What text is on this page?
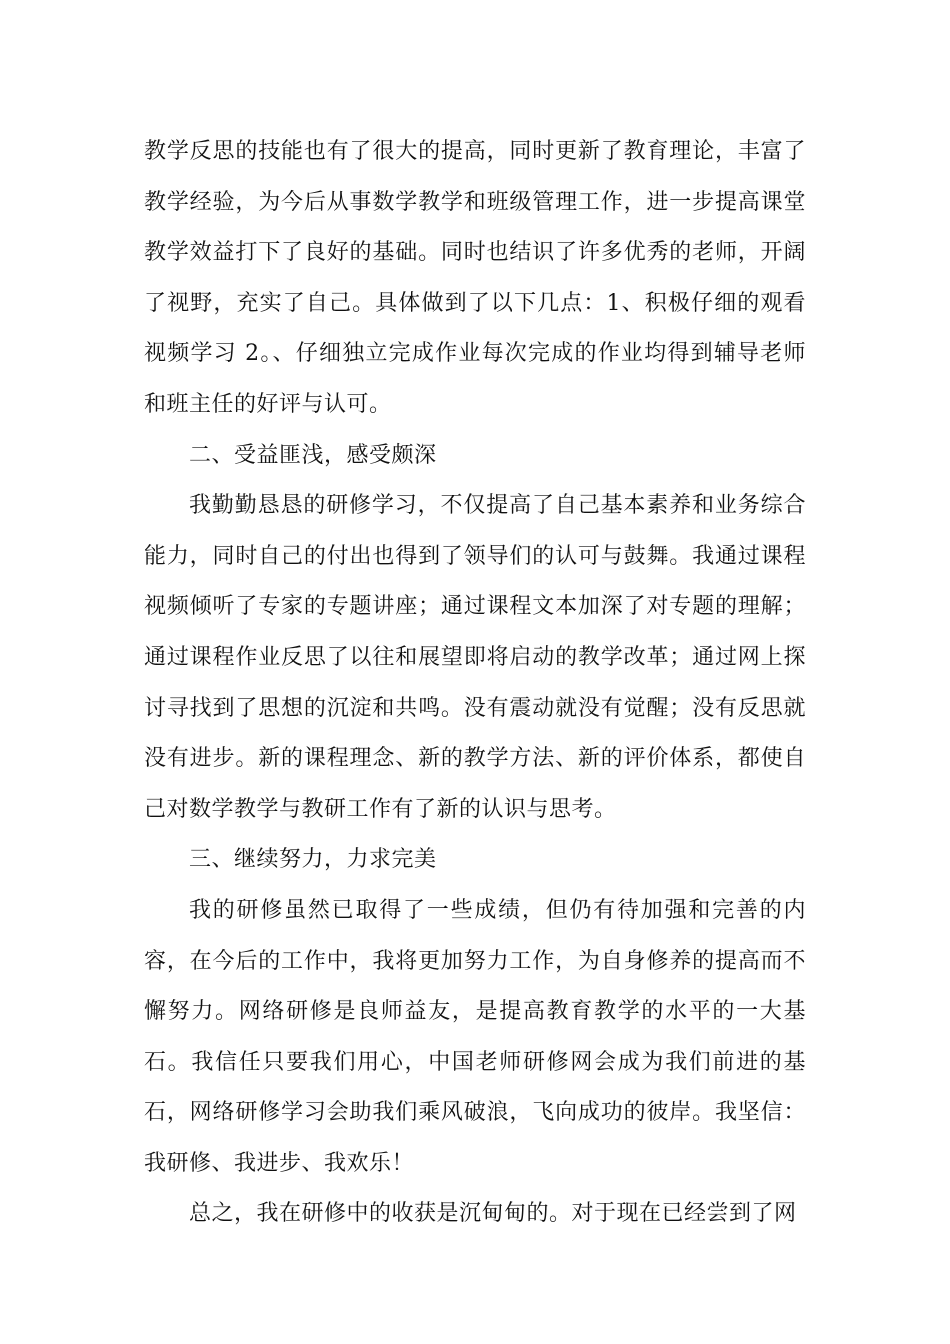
教学反思的技能也有了很大的提高，同时更新了教育理论，丰富了教学经验，为今后从事数学教学和班级管理工作，进一步提高课堂教学效益打下了良好的基础。同时也结识了许多优秀的老师，开阔了视野，充实了自己。具体做到了以下几点：1、积极仔细的观看视频学习 2。、仔细独立完成作业每次完成的作业均得到辅导老师和班主任的好评与认可。

二、受益匪浅，感受颇深

我勤勤恳恳的研修学习，不仅提高了自己基本素养和业务综合能力，同时自己的付出也得到了领导们的认可与鼓舞。我通过课程视频倾听了专家的专题讲座；通过课程文本加深了对专题的理解；通过课程作业反思了以往和展望即将启动的教学改革；通过网上探讨寻找到了思想的沉淀和共鸣。没有震动就没有觉醒；没有反思就没有进步。新的课程理念、新的教学方法、新的评价体系，都使自己对数学教学与教研工作有了新的认识与思考。

三、继续努力，力求完美

我的研修虽然已取得了一些成绩，但仍有待加强和完善的内容，在今后的工作中，我将更加努力工作，为自身修养的提高而不懈努力。网络研修是良师益友，是提高教育教学的水平的一大基石。我信任只要我们用心，中国老师研修网会成为我们前进的基石，网络研修学习会助我们乘风破浪，飞向成功的彼岸。我坚信：我研修、我进步、我欢乐！

总之，我在研修中的收获是沉甸甸的。对于现在已经尝到了网
